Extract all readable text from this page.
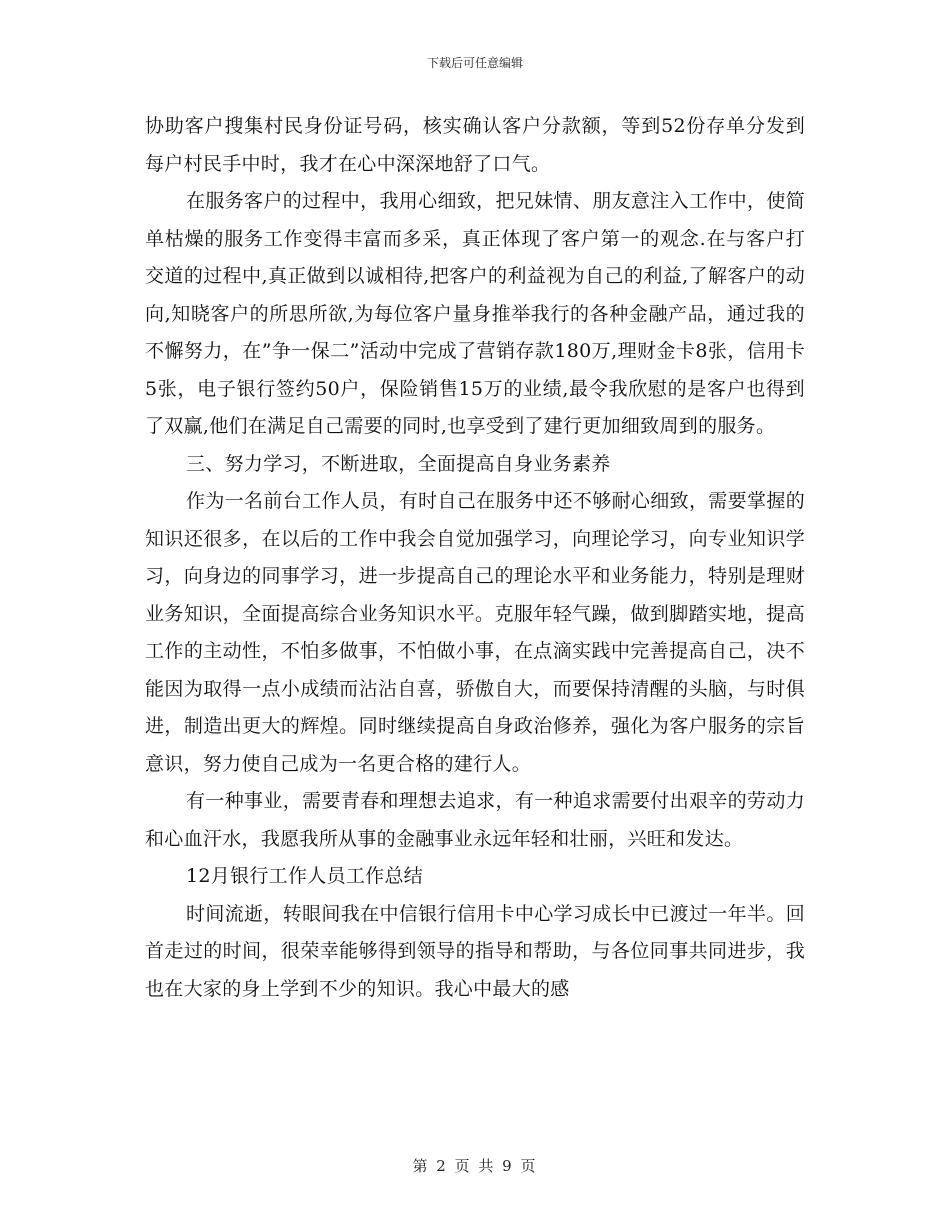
下载后可任意编辑

协助客户搜集村民身份证号码，核实确认客户分款额，等到52份存单分发到每户村民手中时，我才在心中深深地舒了口气。

在服务客户的过程中，我用心细致，把兄妹情、朋友意注入工作中，使简单枯燥的服务工作变得丰富而多采，真正体现了客户第一的观念.在与客户打交道的过程中,真正做到以诚相待,把客户的利益视为自己的利益,了解客户的动向,知晓客户的所思所欲,为每位客户量身推举我行的各种金融产品，通过我的不懈努力，在”争一保二”活动中完成了营销存款180万,理财金卡8张，信用卡5张，电子银行签约50户，保险销售15万的业绩,最令我欣慰的是客户也得到了双赢,他们在满足自己需要的同时,也享受到了建行更加细致周到的服务。

三、努力学习，不断进取，全面提高自身业务素养

作为一名前台工作人员，有时自己在服务中还不够耐心细致，需要掌握的知识还很多，在以后的工作中我会自觉加强学习，向理论学习，向专业知识学习，向身边的同事学习，进一步提高自己的理论水平和业务能力，特别是理财业务知识，全面提高综合业务知识水平。克服年轻气躁，做到脚踏实地，提高工作的主动性，不怕多做事，不怕做小事，在点滴实践中完善提高自己，决不能因为取得一点小成绩而沾沾自喜，骄傲自大，而要保持清醒的头脑，与时俱进，制造出更大的辉煌。同时继续提高自身政治修养，强化为客户服务的宗旨意识，努力使自己成为一名更合格的建行人。

有一种事业，需要青春和理想去追求，有一种追求需要付出艰辛的劳动力和心血汗水，我愿我所从事的金融事业永远年轻和壮丽，兴旺和发达。

12月银行工作人员工作总结

时间流逝，转眼间我在中信银行信用卡中心学习成长中已渡过一年半。回首走过的时间，很荣幸能够得到领导的指导和帮助，与各位同事共同进步，我也在大家的身上学到不少的知识。我心中最大的感

第 2 页 共 9 页
